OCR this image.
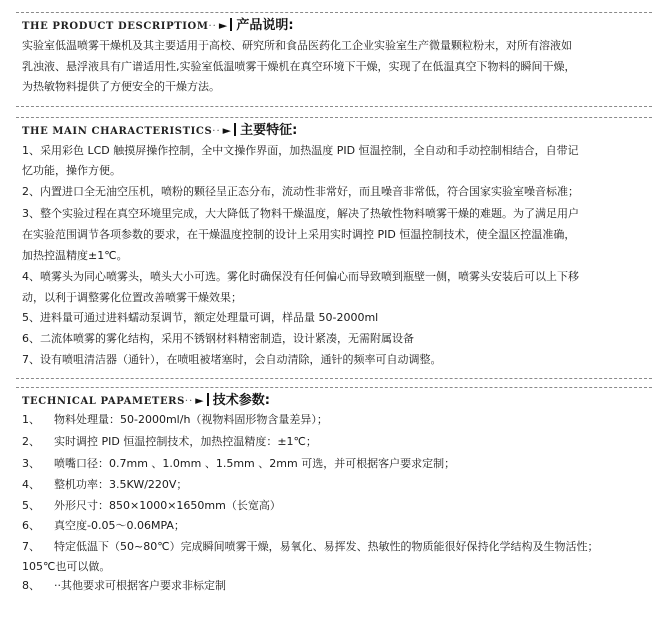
THE PRODUCT DESCRIPTIOM·· ► 产品说明:
实验室低温喷雾干燥机及其主要适用于高校、研究所和食品医药化工企业实验室生产微量颗粒粉末，对所有溶液如
乳浊液、悬浮液具有广谱适用性,实验室低温喷雾干燥机在真空环境下干燥，实现了在低温真空下物料的瞬间干燥，
为热敏物料提供了方便安全的干燥方法。
THE MAIN CHARACTERISTICS·· ► 主要特征:
1、采用彩色 LCD 触摸屏操作控制，全中文操作界面，加热温度 PID 恒温控制，全自动和手动控制相结合，自带记
忆功能，操作方便。
2、内置进口全无油空压机，喷粉的颗径呈正态分布，流动性非常好，而且噪音非常低，符合国家实验室噪音标准；
3、整个实验过程在真空环境里完成，大大降低了物料干燥温度，解决了热敏性物料喷雾干燥的难题。为了满足用户
在实验范围调节各项参数的要求，在干燥温度控制的设计上采用实时调控 PID 恒温控制技术，使全温区控温准确，
加热控温精度±1℃。
4、喷雾头为同心喷雾头，喷头大小可选。雾化时确保没有任何偏心而导致喷到瓶壁一侧，喷雾头安装后可以上下移
动，以利于调整雾化位置改善喷雾干燥效果；
5、进料量可通过进料蠕动泵调节，额定处理量可调，样品量 50-2000ml
6、二流体喷雾的雾化结构，采用不锈钢材料精密制造，设计紧凑，无需附属设备
7、设有喷咀清洁器（通针），在喷咀被堵塞时，会自动清除，通针的频率可自动调整。
TECHNICAL PAPAMETERS·· ► 技术参数:
1、 物料处理量：50-2000ml/h（视物料固形物含量差异）；
2、 实时调控 PID 恒温控制技术，加热控温精度：±1℃；
3、 喷嘴口径：0.7mm 、1.0mm 、1.5mm 、2mm 可选，并可根据客户要求定制；
4、 整机功率：3.5KW/220V；
5、 外形尺寸：850×1000×1650mm（长宽高）
6、 真空度-0.05～0.06MPA；
7、 特定低温下（50~80℃）完成瞬间喷雾干燥，易氧化、易挥发、热敏性的物质能很好保持化学结构及生物活性；
105℃也可以做。
8、 ··其他要求可根据客户要求非标定制
